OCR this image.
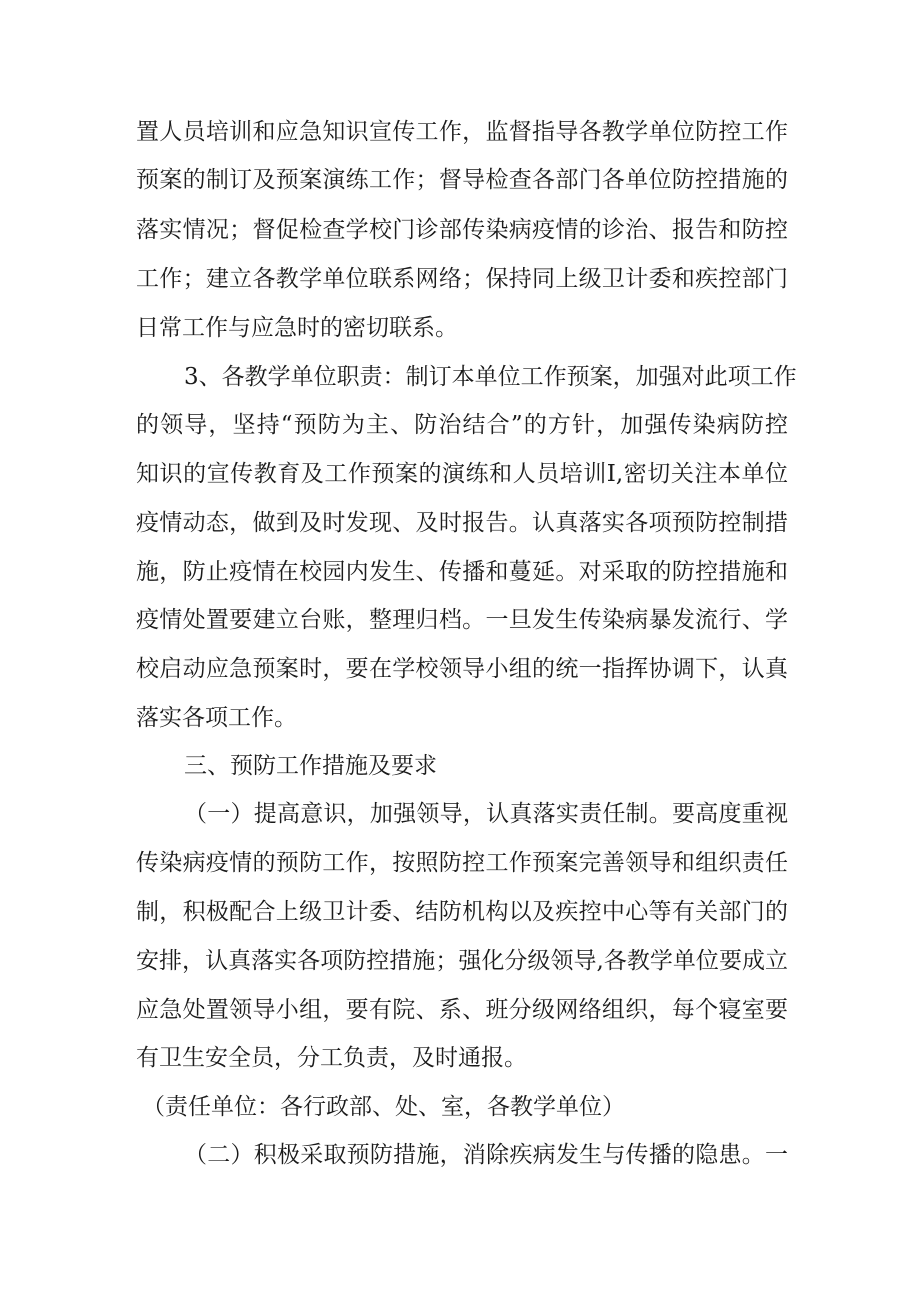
置人员培训和应急知识宣传工作，监督指导各教学单位防控工作
预案的制订及预案演练工作；督导检查各部门各单位防控措施的
落实情况；督促检查学校门诊部传染病疫情的诊治、报告和防控
工作；建立各教学单位联系网络；保持同上级卫计委和疾控部门
日常工作与应急时的密切联系。
3、各教学单位职责：制订本单位工作预案，加强对此项工作
的领导，坚持“预防为主、防治结合”的方针，加强传染病防控
知识的宣传教育及工作预案的演练和人员培训I,密切关注本单位
疫情动态，做到及时发现、及时报告。认真落实各项预防控制措
施，防止疫情在校园内发生、传播和蔓延。对采取的防控措施和
疫情处置要建立台账，整理归档。一旦发生传染病暴发流行、学
校启动应急预案时，要在学校领导小组的统一指挥协调下，认真
落实各项工作。
三、预防工作措施及要求
（一）提高意识，加强领导，认真落实责任制。要高度重视
传染病疫情的预防工作，按照防控工作预案完善领导和组织责任
制，积极配合上级卫计委、结防机构以及疾控中心等有关部门的
安排，认真落实各项防控措施；强化分级领导,各教学单位要成立
应急处置领导小组，要有院、系、班分级网络组织，每个寝室要
有卫生安全员，分工负责，及时通报。
（责任单位：各行政部、处、室，各教学单位）
（二）积极采取预防措施，消除疾病发生与传播的隐患。一
